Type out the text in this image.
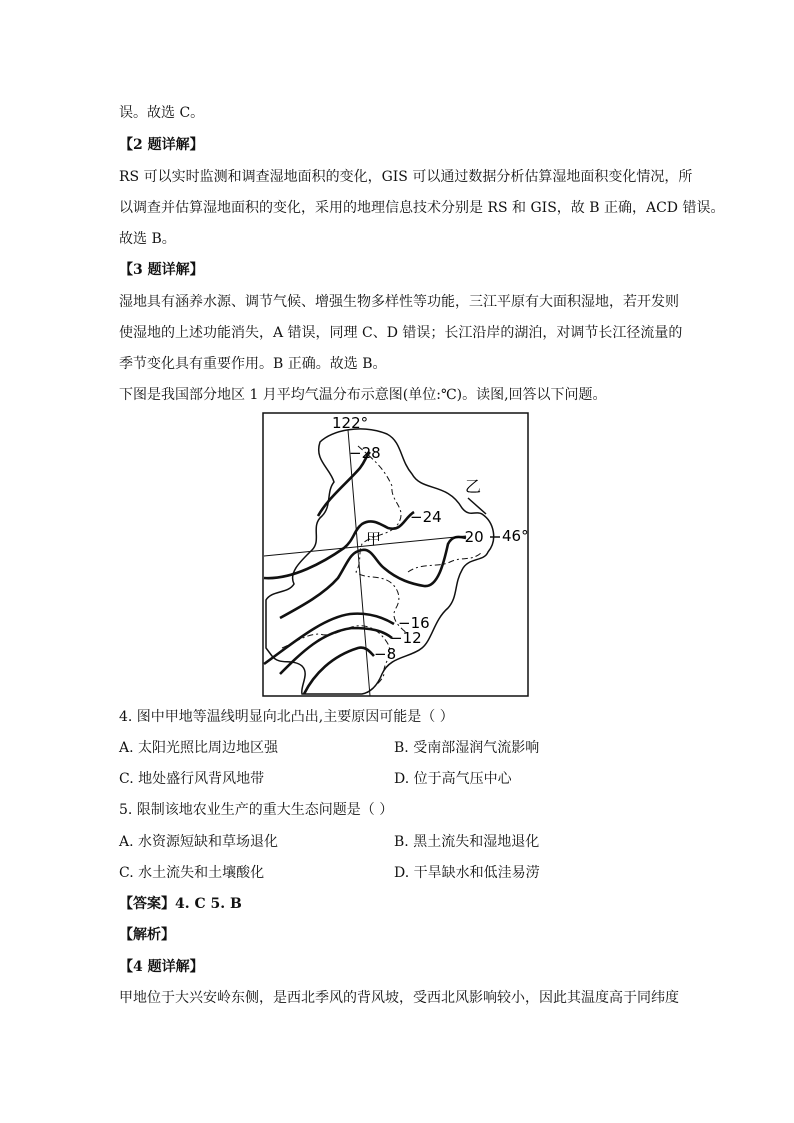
误。故选 C。
【2 题详解】
RS 可以实时监测和调查湿地面积的变化，GIS 可以通过数据分析估算湿地面积变化情况，所
以调查并估算湿地面积的变化，采用的地理信息技术分别是 RS 和 GIS，故 B 正确，ACD 错误。
故选 B。
【3 题详解】
湿地具有涵养水源、调节气候、增强生物多样性等功能，三江平原有大面积湿地，若开发则
使湿地的上述功能消失，A 错误，同理 C、D 错误；长江沿岸的湖泊，对调节长江径流量的
季节变化具有重要作用。B 正确。故选 B。
下图是我国部分地区 1 月平均气温分布示意图(单位:℃)。读图,回答以下问题。
122°
46°
甲
乙
−28
−24
−20
−16
−12
−8
4. 图中甲地等温线明显向北凸出,主要原因可能是（ ）
A. 太阳光照比周边地区强	B. 受南部湿润气流影响
C. 地处盛行风背风地带	D. 位于高气压中心
5. 限制该地农业生产的重大生态问题是（ ）
A. 水资源短缺和草场退化	B. 黑土流失和湿地退化
C. 水土流失和土壤酸化	D. 干旱缺水和低洼易涝
【答案】4. C 5. B
【解析】
【4 题详解】
甲地位于大兴安岭东侧，是西北季风的背风坡，受西北风影响较小，因此其温度高于同纬度
